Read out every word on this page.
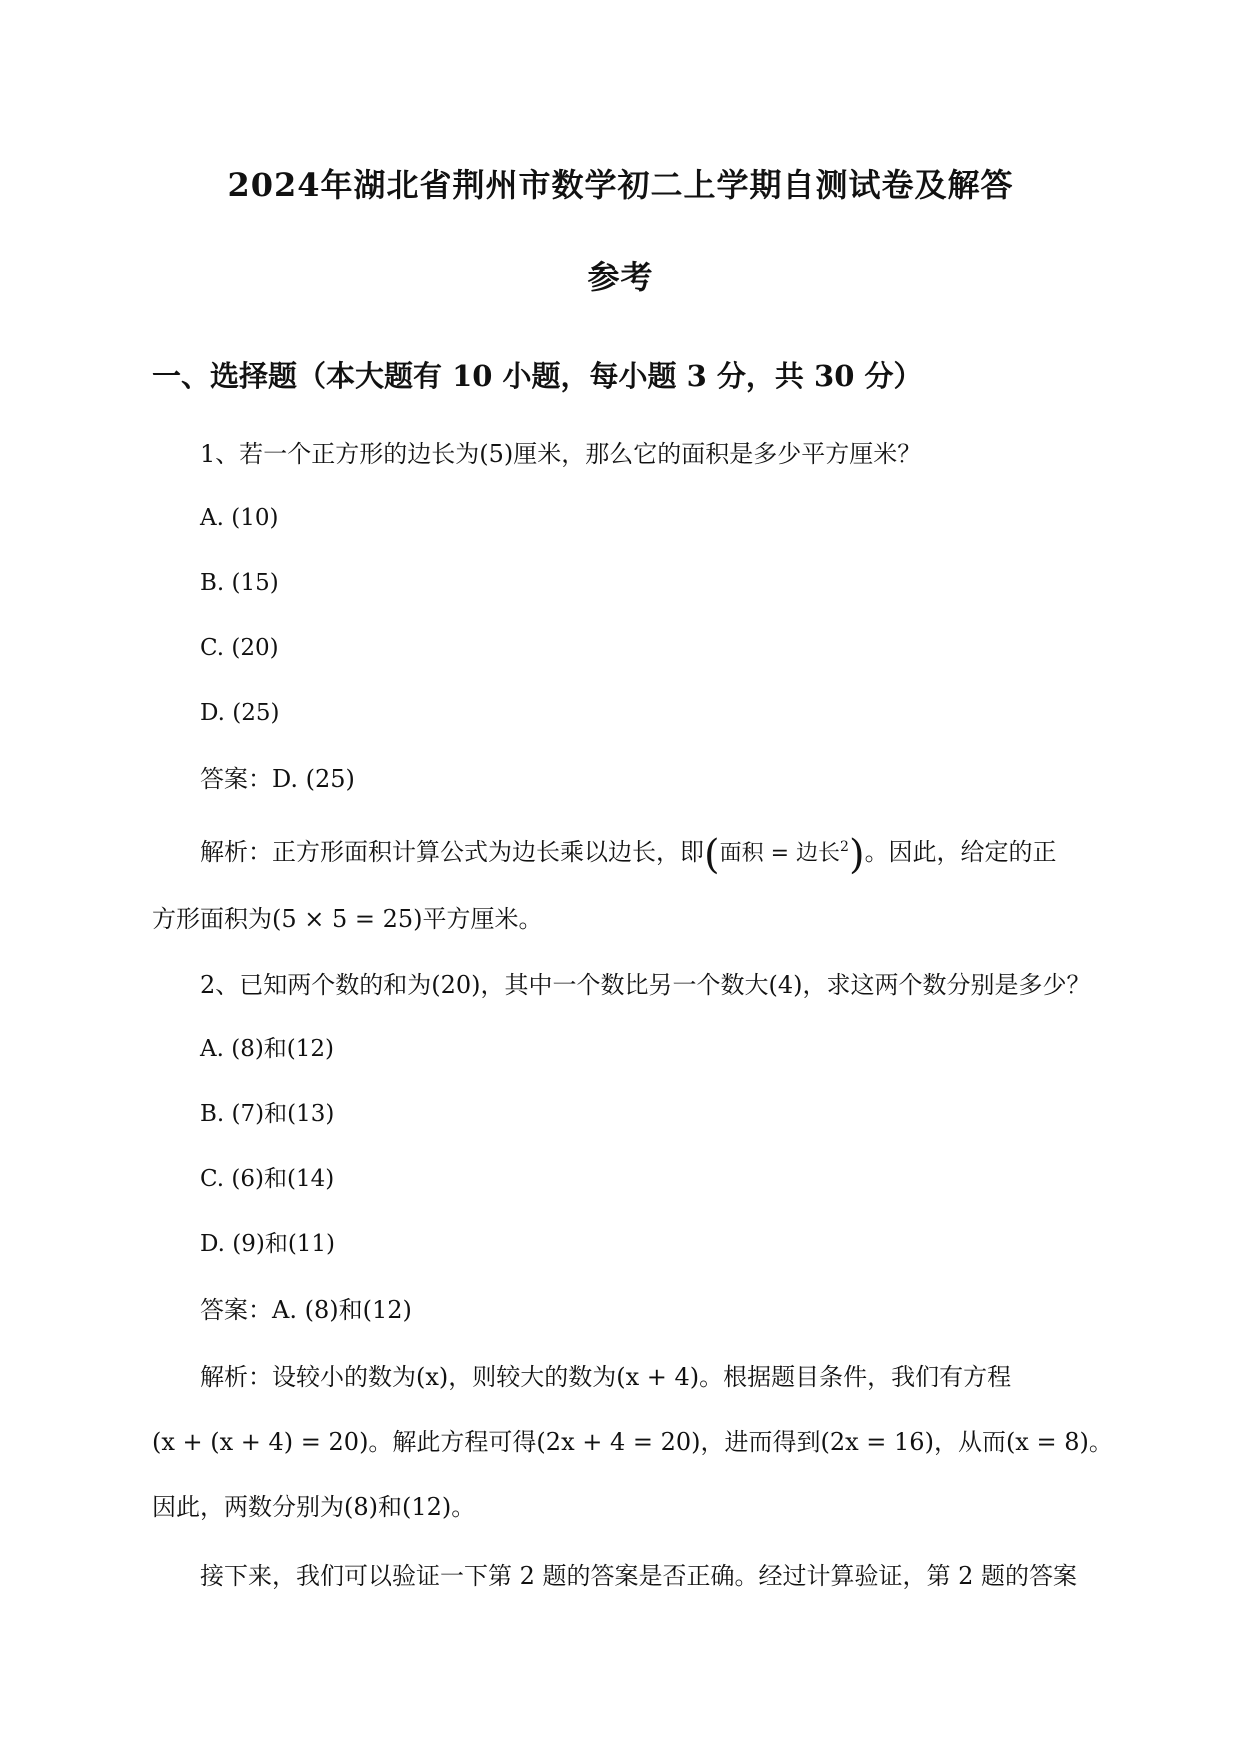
2024年湖北省荆州市数学初二上学期自测试卷及解答
参考
一、选择题（本大题有 10 小题，每小题 3 分，共 30 分）
1、若一个正方形的边长为(5)厘米，那么它的面积是多少平方厘米？
A. (10)
B. (15)
C. (20)
D. (25)
答案：D. (25)
解析：正方形面积计算公式为边长乘以边长，即(面积 = 边长$^2$)。因此，给定的正
方形面积为(5 × 5 = 25)平方厘米。
2、已知两个数的和为(20)，其中一个数比另一个数大(4)，求这两个数分别是多少？
A. (8)和(12)
B. (7)和(13)
C. (6)和(14)
D. (9)和(11)
答案：A. (8)和(12)
解析：设较小的数为(x)，则较大的数为(x + 4)。根据题目条件，我们有方程
(x + (x + 4) = 20)。解此方程可得(2x + 4 = 20)，进而得到(2x = 16)，从而(x = 8)。
因此，两数分别为(8)和(12)。
接下来，我们可以验证一下第 2 题的答案是否正确。经过计算验证，第 2 题的答案
